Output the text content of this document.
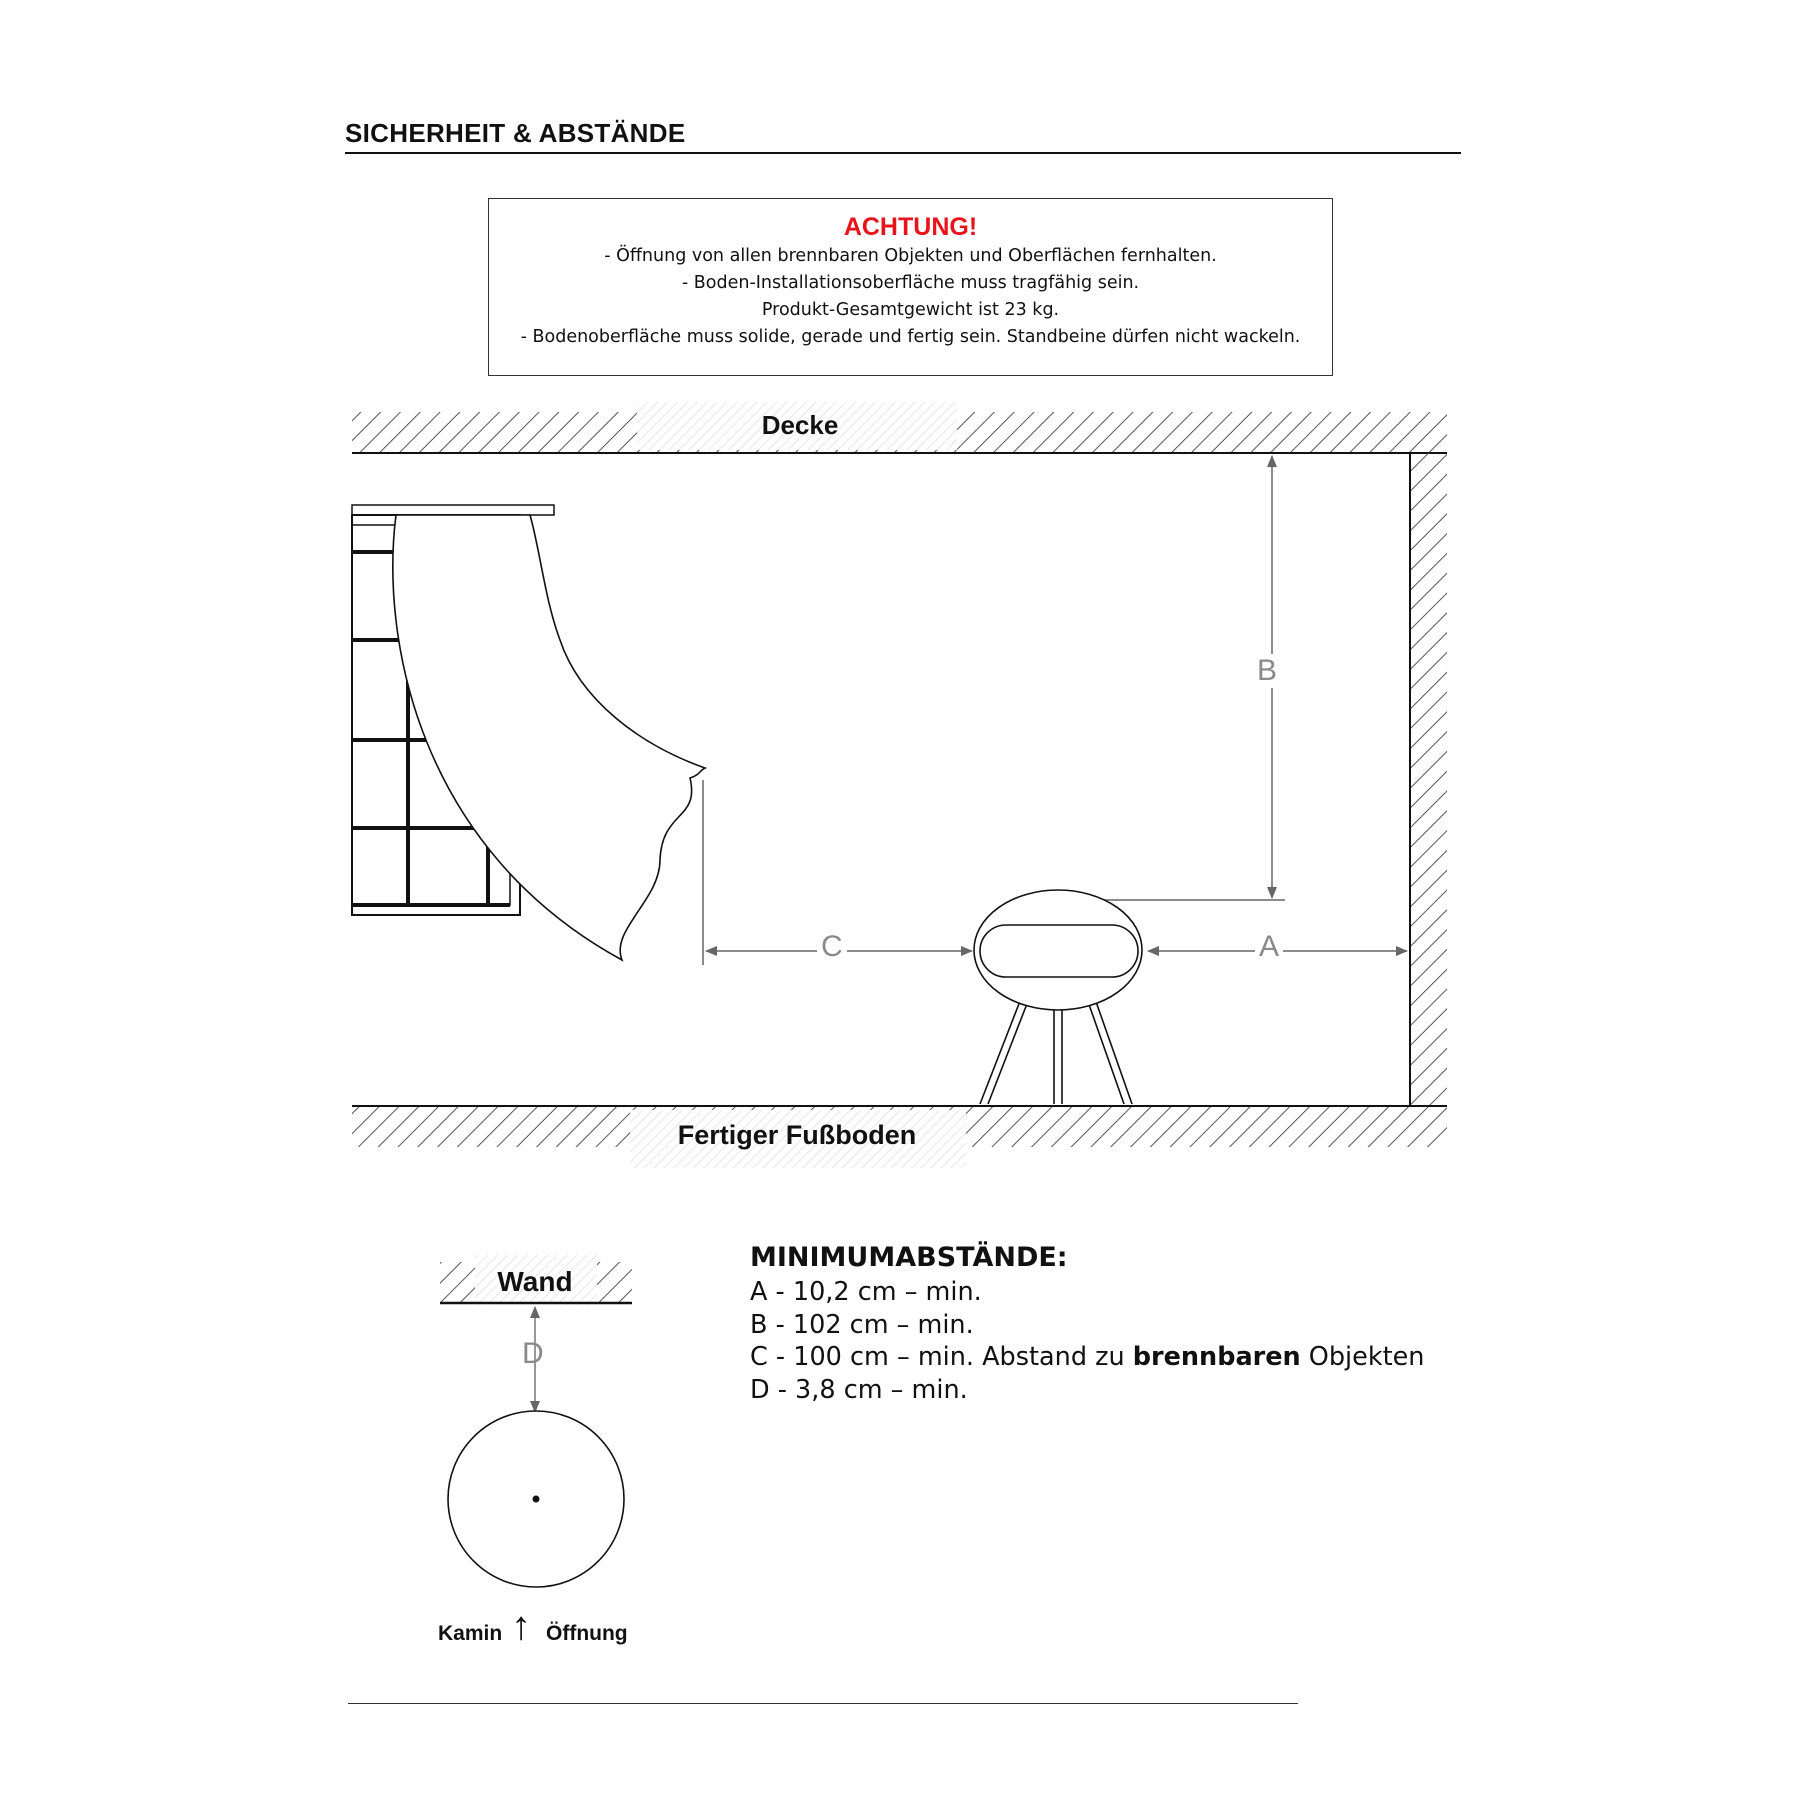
SICHERHEIT & ABSTÄNDE
ACHTUNG!
- Öffnung von allen brennbaren Objekten und Oberflächen fernhalten.
- Boden-Installationsoberfläche muss tragfähig sein.
Produkt-Gesamtgewicht ist 23 kg.
- Bodenoberfläche muss solide, gerade und fertig sein. Standbeine dürfen nicht wackeln.
Decke
Fertiger Fußboden
B
C	A
Wand
D
Kamin ↑ Öffnung
MINIMUMABSTÄNDE:
A - 10,2 cm – min.
B - 102 cm – min.
C - 100 cm – min. Abstand zu brennbaren Objekten
D - 3,8 cm – min.
